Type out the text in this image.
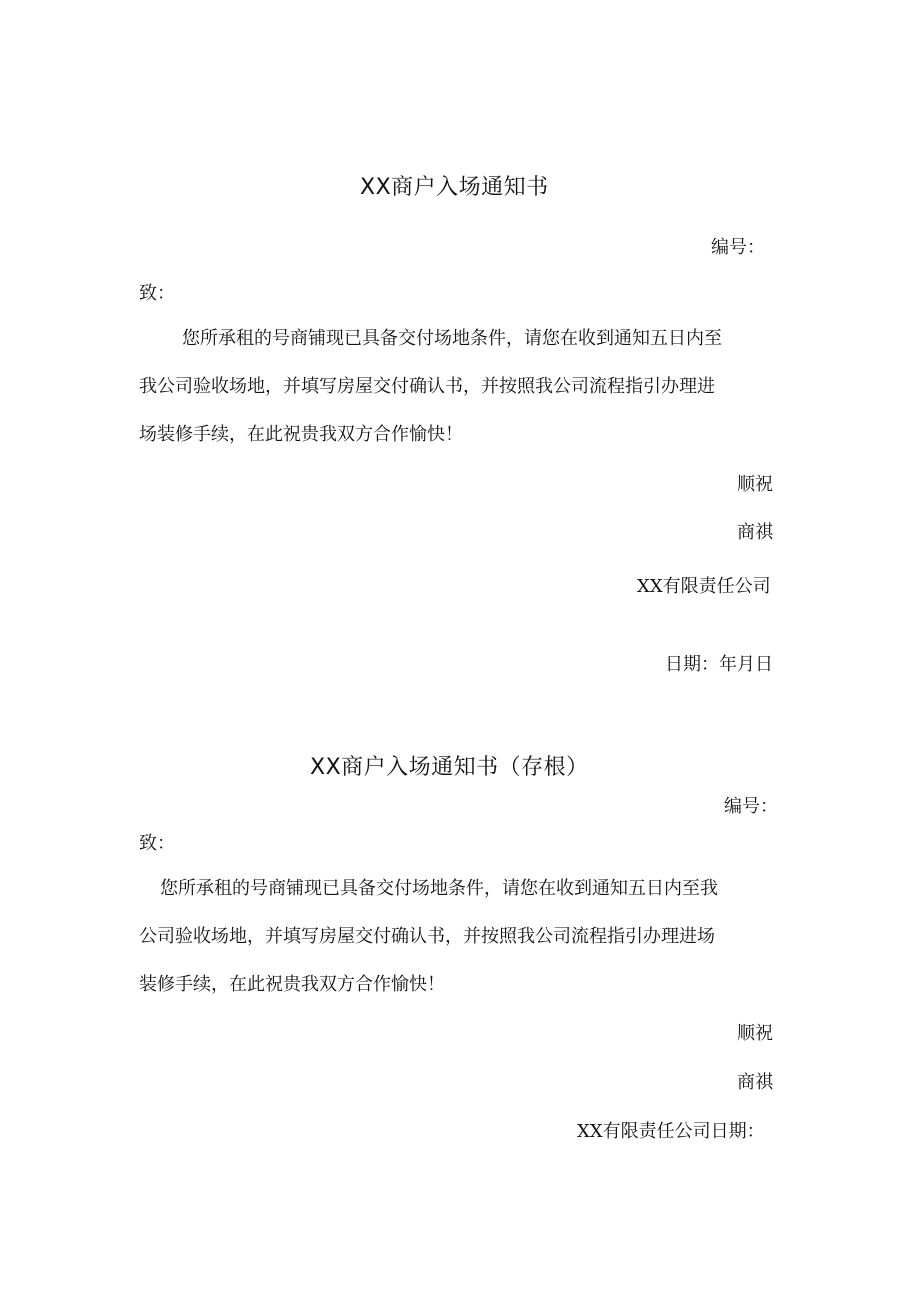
XX商户入场通知书
编号：
致：
您所承租的号商铺现已具备交付场地条件，请您在收到通知五日内至
我公司验收场地，并填写房屋交付确认书，并按照我公司流程指引办理进
场装修手续，在此祝贵我双方合作愉快！
顺祝
商祺
XX有限责任公司
日期：年月日
XX商户入场通知书（存根）
编号：
致：
您所承租的号商铺现已具备交付场地条件，请您在收到通知五日内至我
公司验收场地，并填写房屋交付确认书，并按照我公司流程指引办理进场
装修手续，在此祝贵我双方合作愉快！
顺祝
商祺
XX有限责任公司日期：
